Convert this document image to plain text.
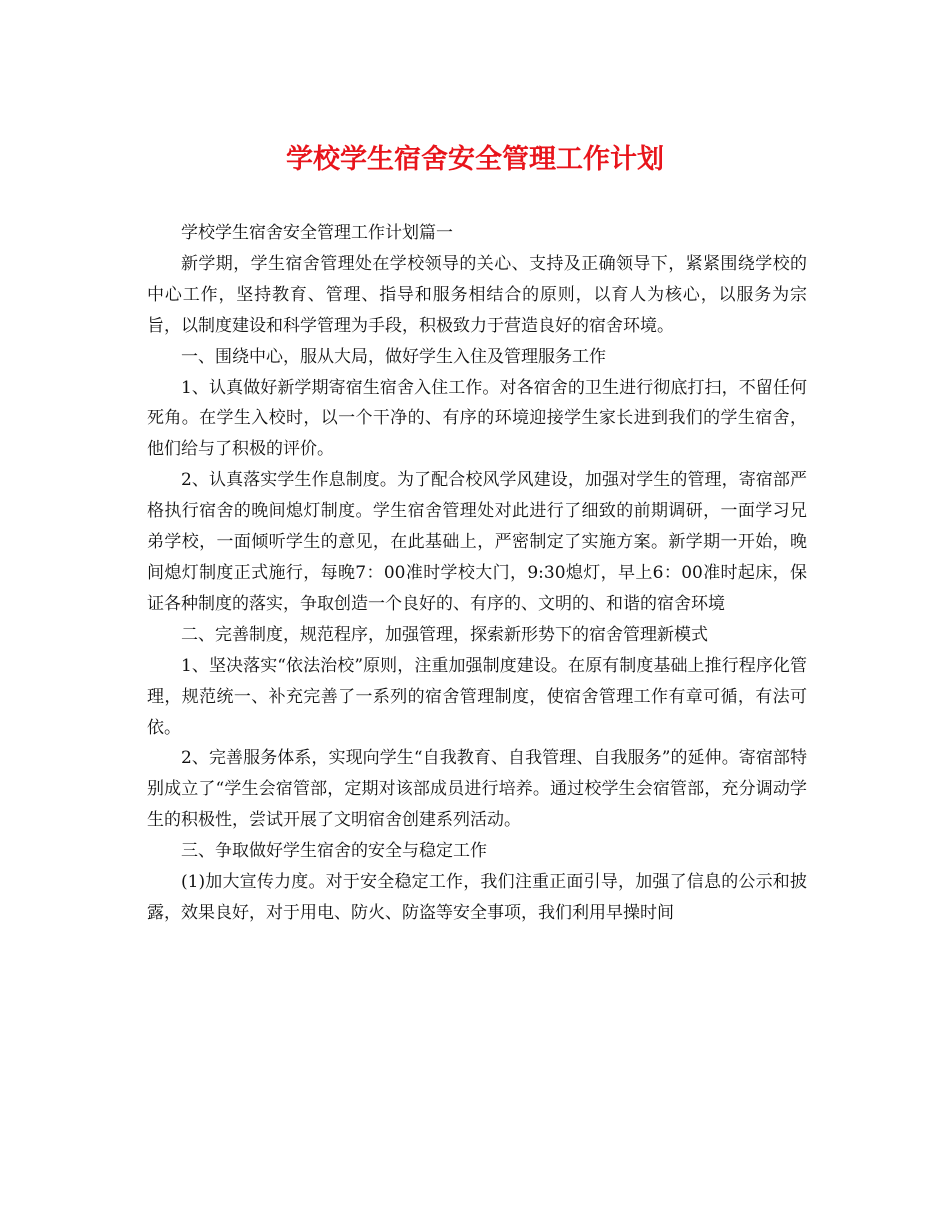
学校学生宿舍安全管理工作计划

学校学生宿舍安全管理工作计划篇一

新学期，学生宿舍管理处在学校领导的关心、支持及正确领导下，紧紧围绕学校的中心工作，坚持教育、管理、指导和服务相结合的原则，以育人为核心，以服务为宗旨，以制度建设和科学管理为手段，积极致力于营造良好的宿舍环境。

一、围绕中心，服从大局，做好学生入住及管理服务工作

1、认真做好新学期寄宿生宿舍入住工作。对各宿舍的卫生进行彻底打扫，不留任何死角。在学生入校时，以一个干净的、有序的环境迎接学生家长进到我们的学生宿舍，他们给与了积极的评价。

2、认真落实学生作息制度。为了配合校风学风建设，加强对学生的管理，寄宿部严格执行宿舍的晚间熄灯制度。学生宿舍管理处对此进行了细致的前期调研，一面学习兄弟学校，一面倾听学生的意见，在此基础上，严密制定了实施方案。新学期一开始，晚间熄灯制度正式施行，每晚7：00准时学校大门，9:30熄灯，早上6：00准时起床，保证各种制度的落实，争取创造一个良好的、有序的、文明的、和谐的宿舍环境

二、完善制度，规范程序，加强管理，探索新形势下的宿舍管理新模式

1、坚决落实“依法治校”原则，注重加强制度建设。在原有制度基础上推行程序化管理，规范统一、补充完善了一系列的宿舍管理制度，使宿舍管理工作有章可循，有法可依。

2、完善服务体系，实现向学生“自我教育、自我管理、自我服务”的延伸。寄宿部特别成立了“学生会宿管部，定期对该部成员进行培养。通过校学生会宿管部，充分调动学生的积极性，尝试开展了文明宿舍创建系列活动。

三、争取做好学生宿舍的安全与稳定工作

(1)加大宣传力度。对于安全稳定工作，我们注重正面引导，加强了信息的公示和披露，效果良好，对于用电、防火、防盗等安全事项，我们利用早操时间
